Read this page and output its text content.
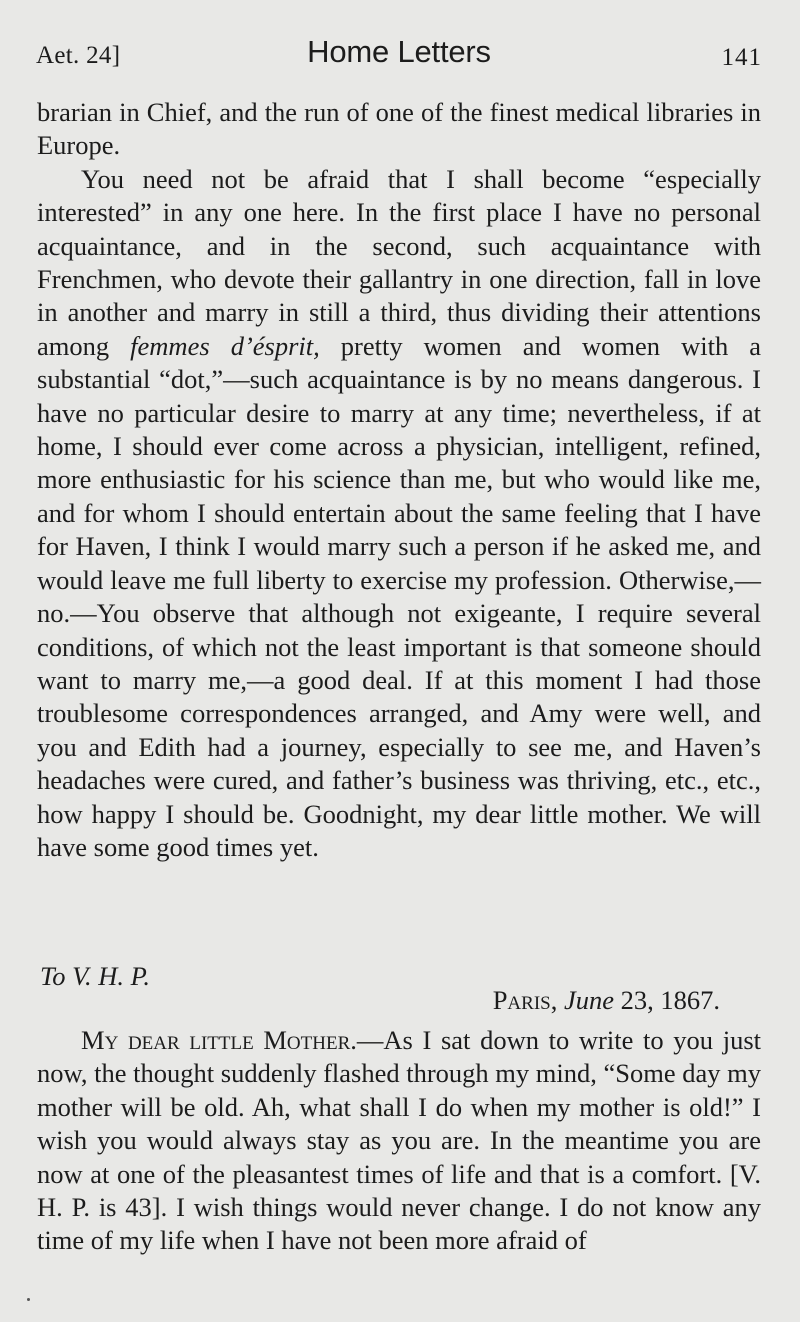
Aet. 24]	Home Letters	141

brarian in Chief, and the run of one of the finest medical libraries in Europe.

You need not be afraid that I shall become “especially interested” in any one here. In the first place I have no personal acquaintance, and in the second, such acquaintance with Frenchmen, who devote their gallantry in one direction, fall in love in another and marry in still a third, thus dividing their attentions among femmes d’ésprit, pretty women and women with a substantial “dot,”—such acquaintance is by no means dangerous. I have no particular desire to marry at any time; nevertheless, if at home, I should ever come across a physician, intelligent, refined, more enthusiastic for his science than me, but who would like me, and for whom I should entertain about the same feeling that I have for Haven, I think I would marry such a person if he asked me, and would leave me full liberty to exercise my profession. Otherwise,—no.—You observe that although not exigeante, I require several conditions, of which not the least important is that someone should want to marry me,—a good deal. If at this moment I had those troublesome correspondences arranged, and Amy were well, and you and Edith had a journey, especially to see me, and Haven’s headaches were cured, and father’s business was thriving, etc., etc., how happy I should be. Goodnight, my dear little mother. We will have some good times yet.

To V. H. P.
Paris, June 23, 1867.

My dear little Mother.—As I sat down to write to you just now, the thought suddenly flashed through my mind, “Some day my mother will be old. Ah, what shall I do when my mother is old!” I wish you would always stay as you are. In the meantime you are now at one of the pleasantest times of life and that is a comfort. [V. H. P. is 43]. I wish things would never change. I do not know any time of my life when I have not been more afraid of
